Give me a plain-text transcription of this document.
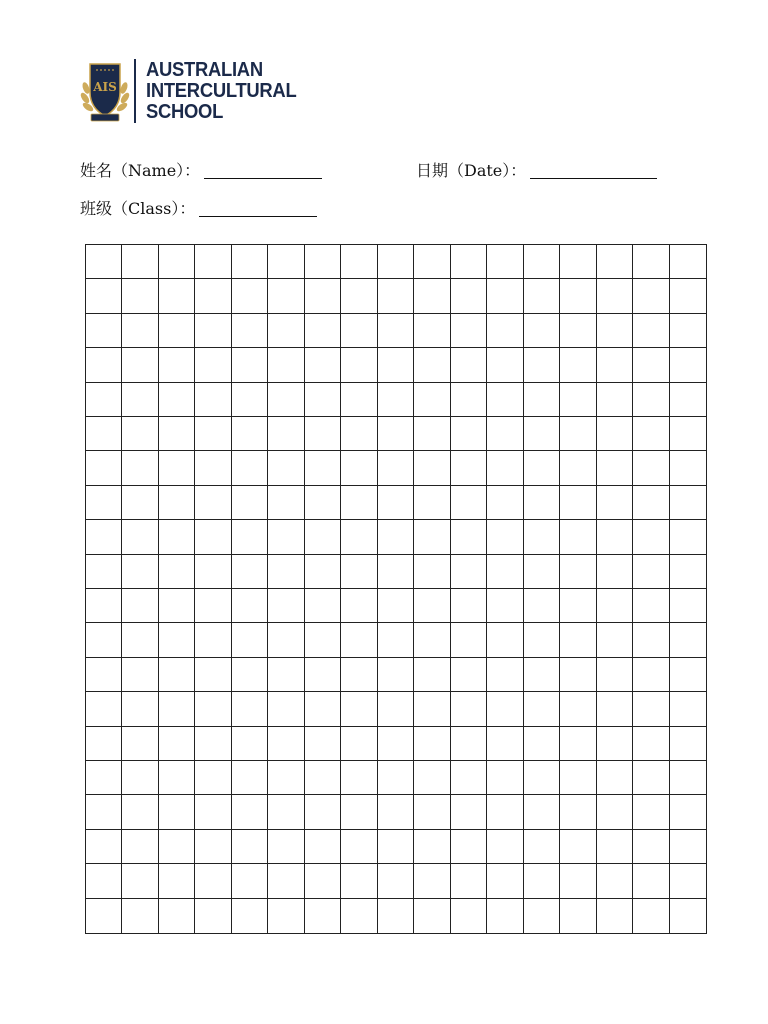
AIS
AUSTRALIAN
INTERCULTURAL
SCHOOL
姓名（Name）：	日期（Date）：
班级（Class）：
